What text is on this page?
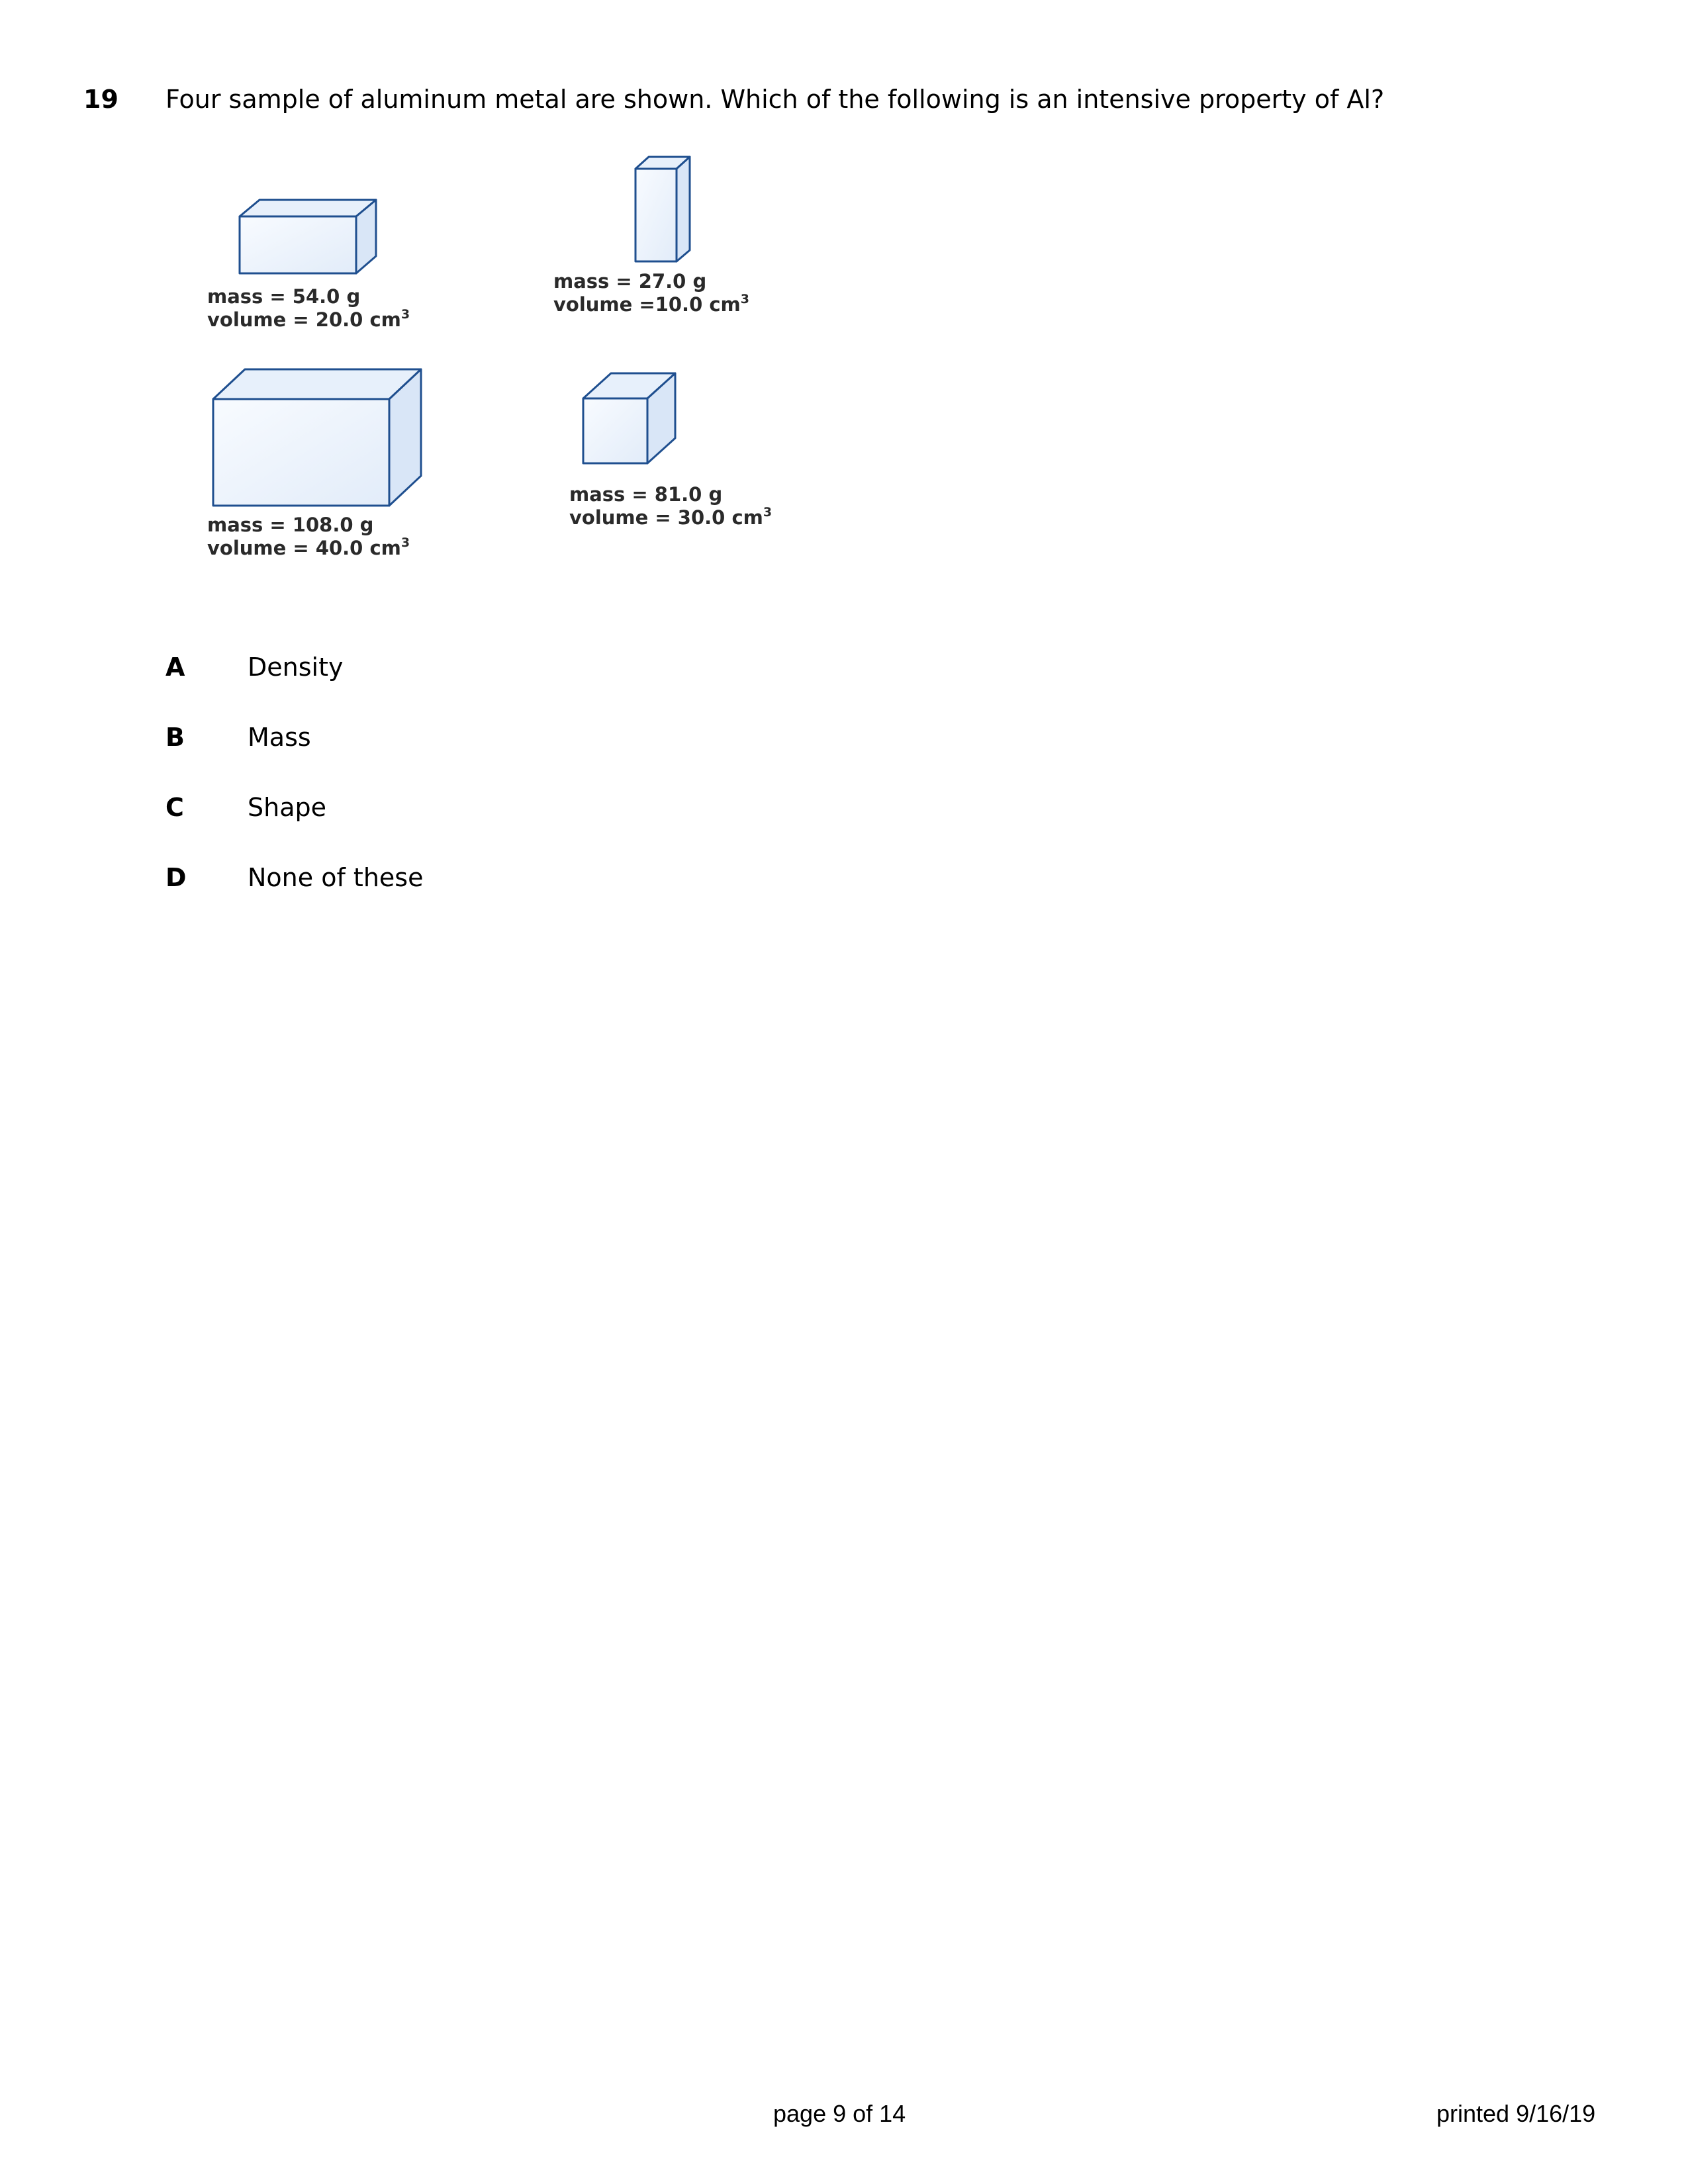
19 Four sample of aluminum metal are shown. Which of the following is an intensive property of Al?
mass = 54.0 g
volume = 20.0 $cm^3$
mass = 27.0 g
volume =10.0 $cm^3$
mass = 108.0 g
volume = 40.0 $cm^3$
mass = 81.0 g
volume = 30.0 $cm^3$
A Density
B	Mass
C	Shape
D None of these
page 9 of 14	printed 9/16/19
